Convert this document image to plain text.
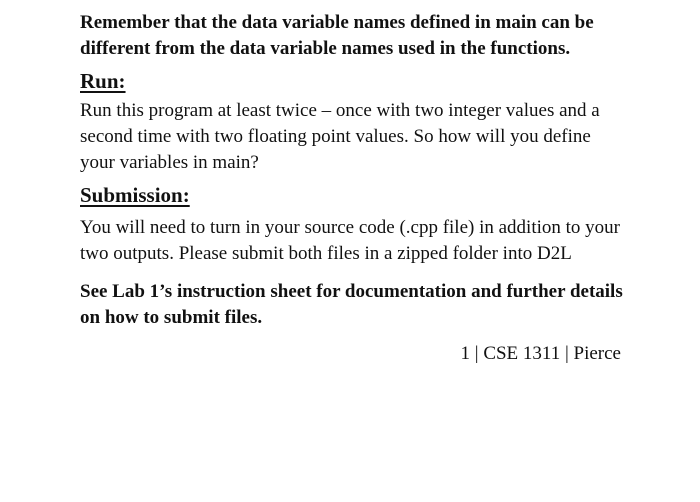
Remember that the data variable names defined in main can be different from the data variable names used in the functions.

Run:

Run this program at least twice – once with two integer values and a second time with two floating point values. So how will you define your variables in main?

Submission:

You will need to turn in your source code (.cpp file) in addition to your two outputs. Please submit both files in a zipped folder into D2L

See Lab 1’s instruction sheet for documentation and further details on how to submit files.

1 | CSE 1311 | Pierce
